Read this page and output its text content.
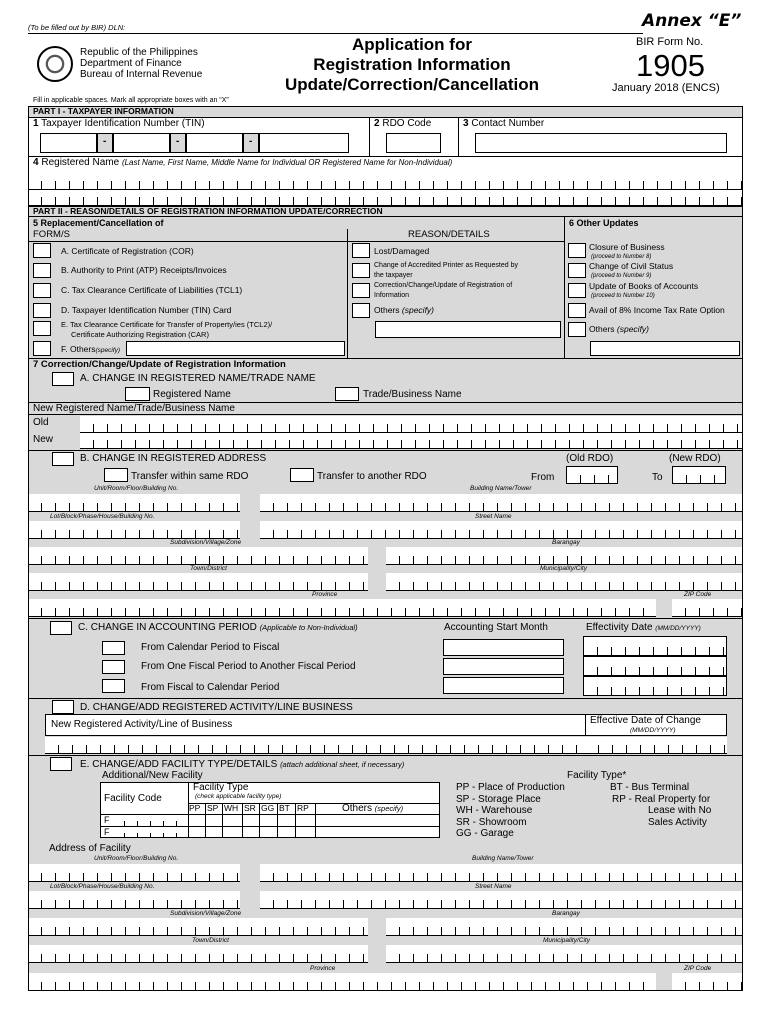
(To be filled out by BIR) DLN:	Annex “E”
Republic of the Philippines
Department of Finance
Bureau of Internal Revenue
Application for
Registration Information
Update/Correction/Cancellation
BIR Form No.
1905
January 2018 (ENCS)
Fill in applicable spaces. Mark all appropriate boxes with an “X”
PART I - TAXPAYER INFORMATION
1 Taxpayer Identification Number (TIN)	2 RDO Code	3 Contact Number
-	-	-
4 Registered Name (Last Name, First Name, Middle Name for Individual OR Registered Name for Non-Individual)
PART II - REASON/DETAILS OF REGISTRATION INFORMATION UPDATE/CORRECTION
5 Replacement/Cancellation of
FORM/S	REASON/DETAILS
6 Other Updates
A. Certificate of Registration (COR)
B. Authority to Print (ATP) Receipts/Invoices
C. Tax Clearance Certificate of Liabilities (TCL1)
D. Taxpayer Identification Number (TIN) Card
E. Tax Clearance Certificate for Transfer of Property/ies (TCL2)/
Certificate Authorizing Registration (CAR)
F. Others(specify)
Lost/Damaged
Change of Accredited Printer as Requested by
the taxpayer
Correction/Change/Update of Registration of
Information
Others (specify)
Closure of Business
(proceed to Number 8)
Change of Civil Status
(proceed to Number 9)
Update of Books of Accounts
(proceed to Number 10)
Avail of 8% Income Tax Rate Option
Others (specify)
7 Correction/Change/Update of Registration Information
A. CHANGE IN REGISTERED NAME/TRADE NAME
Registered Name	Trade/Business Name
New Registered Name/Trade/Business Name
Old
New
B. CHANGE IN REGISTERED ADDRESS	(Old RDO)	(New RDO)
Transfer within same RDO	Transfer to another RDO	From	To
Unit/Room/Floor/Building No.	Building Name/Tower
Lot/Block/Phase/House/Building No.	Street Name
Subdivision/Village/Zone	Barangay
Town/District	Municipality/City
Province	ZIP Code
C. CHANGE IN ACCOUNTING PERIOD (Applicable to Non-Individual)	Accounting Start Month	Effectivity Date (MM/DD/YYYY)
From Calendar Period to Fiscal
From One Fiscal Period to Another Fiscal Period
From Fiscal to Calendar Period
D. CHANGE/ADD REGISTERED ACTIVITY/LINE BUSINESS
New Registered Activity/Line of Business	Effective Date of Change
(MM/DD/YYYY)
E. CHANGE/ADD FACILITY TYPE/DETAILS (attach additional sheet, if necessary)
Additional/New Facility
Facility Code
Facility Type
(check applicable facility type)
PP SP WH SR GG BT RP	Others (specify)
F
F
Facility Type*
PP - Place of Production
SP - Storage Place
WH - Warehouse
SR - Showroom
GG - Garage
BT - Bus Terminal
RP - Real Property for
Lease with No
Sales Activity
Address of Facility
Unit/Room/Floor/Building No.	Building Name/Tower
Lot/Block/Phase/House/Building No.	Street Name
Subdivision/Village/Zone	Barangay
Town/District	Municipality/City
Province	ZIP Code
